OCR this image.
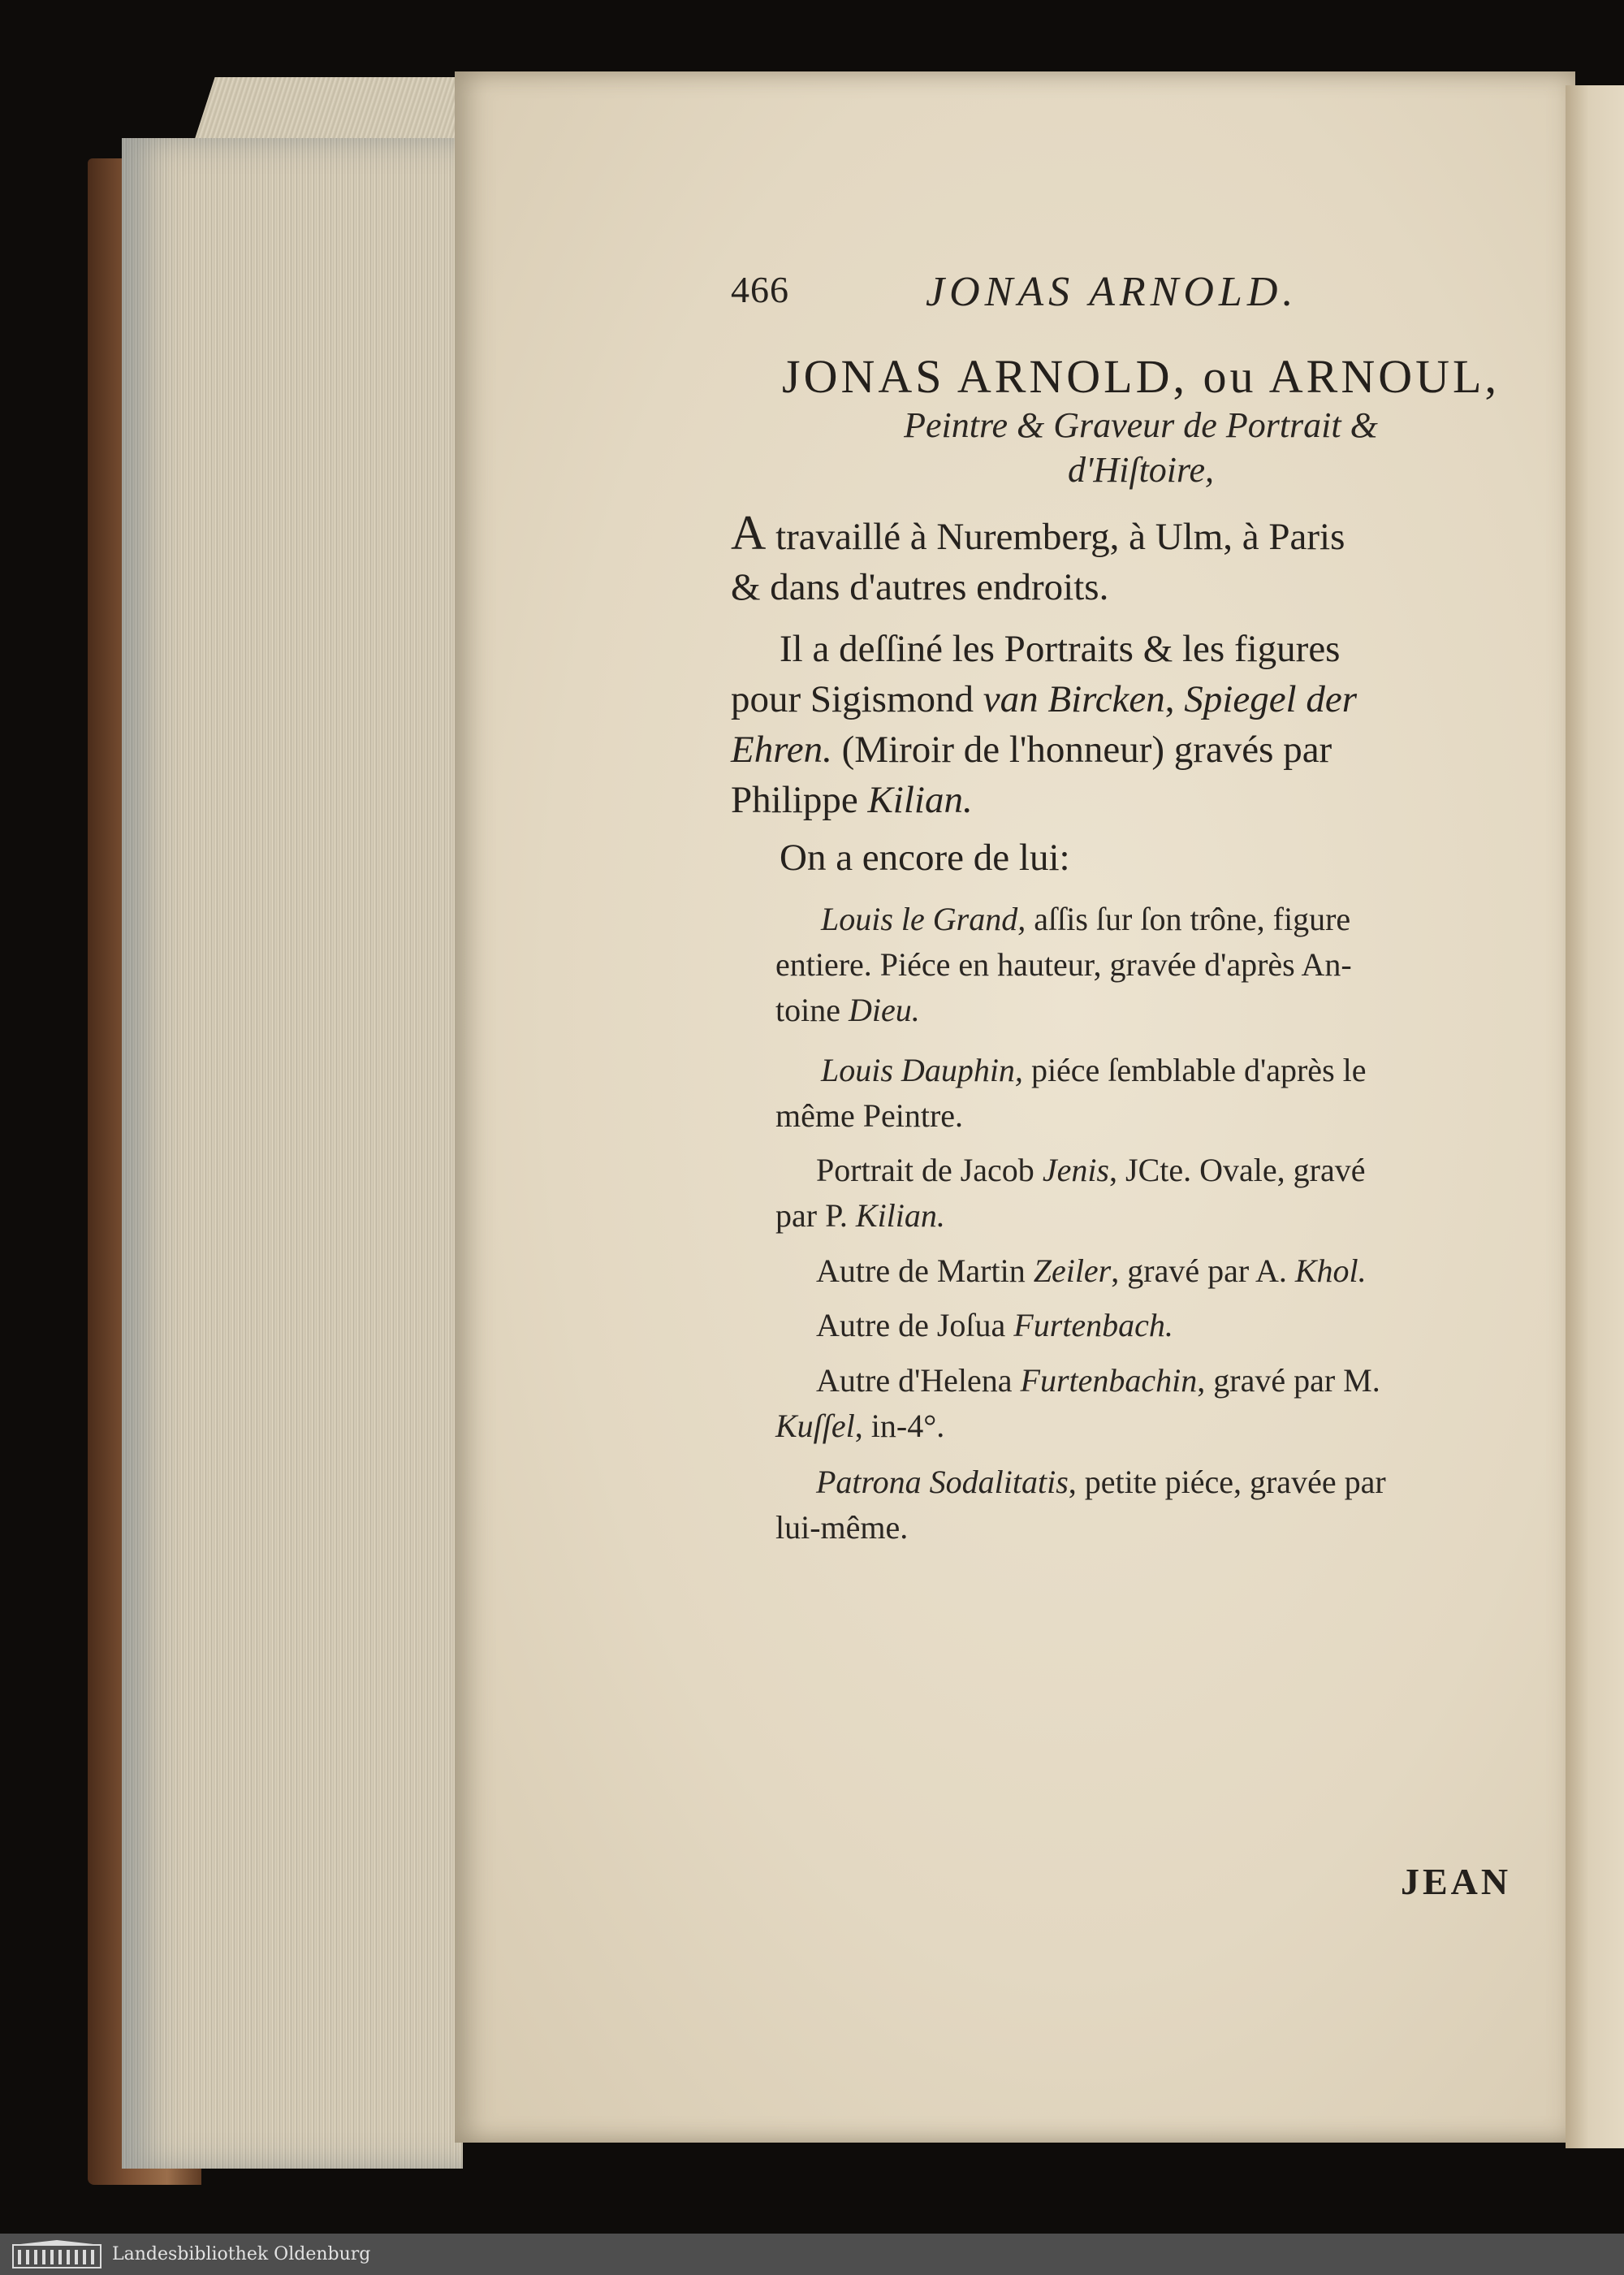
466	JONAS ARNOLD.
JONAS ARNOLD, ou ARNOUL,
Peintre & Graveur de Portrait &
d'Hiſtoire,
A travaillé à Nuremberg, à Ulm, à Paris
& dans d'autres endroits.
Il a deſſiné les Portraits & les figures
pour Sigismond van Bircken, Spiegel der
Ehren. (Miroir de l'honneur) gravés par
Philippe Kilian.
On a encore de lui:
Louis le Grand, aſſis ſur ſon trône, figure
entiere. Piéce en hauteur, gravée d'après An-
toine Dieu.
Louis Dauphin, piéce ſemblable d'après le
même Peintre.
Portrait de Jacob Jenis, JCte. Ovale, gravé
par P. Kilian.
Autre de Martin Zeiler, gravé par A. Khol.
Autre de Joſua Furtenbach.
Autre d'Helena Furtenbachin, gravé par M.
Kuſſel, in-4°.
Patrona Sodalitatis, petite piéce, gravée par
lui-même.
JEAN
Landesbibliothek Oldenburg
